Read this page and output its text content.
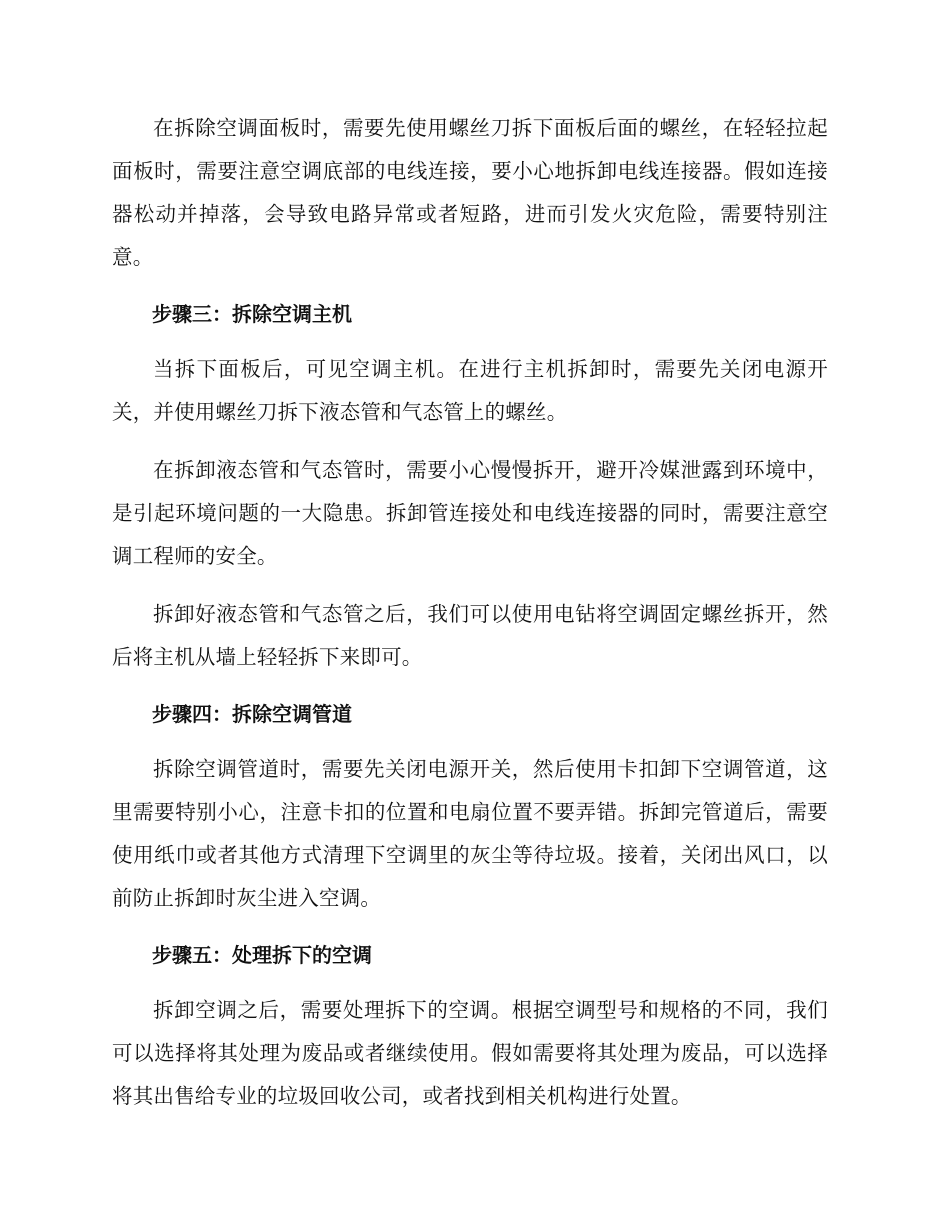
在拆除空调面板时，需要先使用螺丝刀拆下面板后面的螺丝，在轻轻拉起面板时，需要注意空调底部的电线连接，要小心地拆卸电线连接器。假如连接器松动并掉落，会导致电路异常或者短路，进而引发火灾危险，需要特别注意。

步骤三：拆除空调主机

当拆下面板后，可见空调主机。在进行主机拆卸时，需要先关闭电源开关，并使用螺丝刀拆下液态管和气态管上的螺丝。

在拆卸液态管和气态管时，需要小心慢慢拆开，避开冷媒泄露到环境中，是引起环境问题的一大隐患。拆卸管连接处和电线连接器的同时，需要注意空调工程师的安全。

拆卸好液态管和气态管之后，我们可以使用电钻将空调固定螺丝拆开，然后将主机从墙上轻轻拆下来即可。

步骤四：拆除空调管道

拆除空调管道时，需要先关闭电源开关，然后使用卡扣卸下空调管道，这里需要特别小心，注意卡扣的位置和电扇位置不要弄错。拆卸完管道后，需要使用纸巾或者其他方式清理下空调里的灰尘等待垃圾。接着，关闭出风口，以前防止拆卸时灰尘进入空调。

步骤五：处理拆下的空调

拆卸空调之后，需要处理拆下的空调。根据空调型号和规格的不同，我们可以选择将其处理为废品或者继续使用。假如需要将其处理为废品，可以选择将其出售给专业的垃圾回收公司，或者找到相关机构进行处置。
